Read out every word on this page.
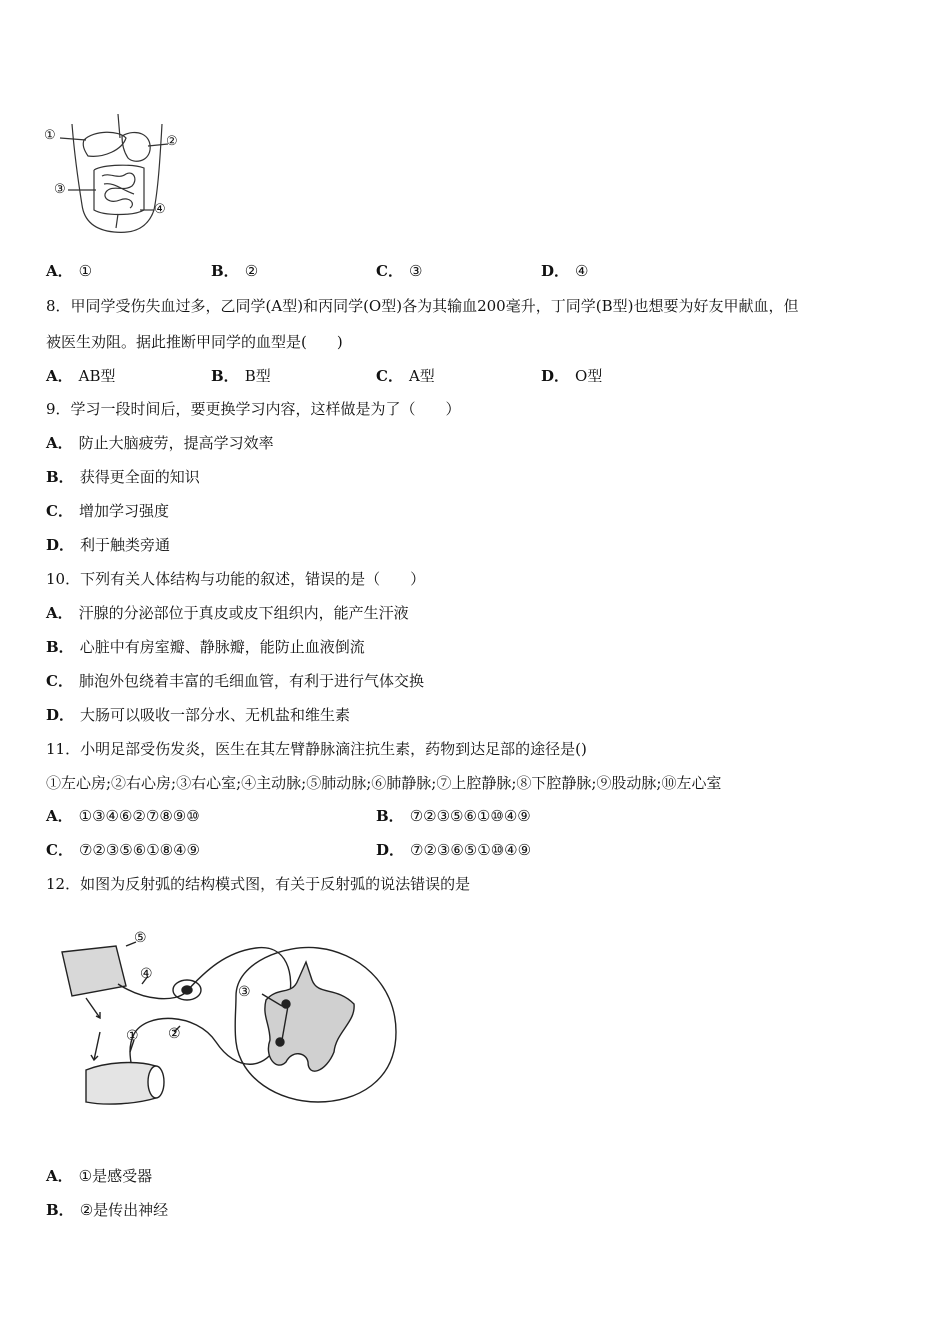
①	②
③
④
A． ①	B． ②	C． ③	D． ④
8．甲同学受伤失血过多，乙同学(A型)和丙同学(O型)各为其输血200毫升，丁同学(B型)也想要为好友甲献血，但
被医生劝阻。据此推断甲同学的血型是(　　)
A． AB型	B． B型	C． A型	D． O型
9．学习一段时间后，要更换学习内容，这样做是为了（　　）
A． 防止大脑疲劳，提高学习效率
B． 获得更全面的知识
C． 增加学习强度
D． 利于触类旁通
10．下列有关人体结构与功能的叙述，错误的是（　　）
A． 汗腺的分泌部位于真皮或皮下组织内，能产生汗液
B． 心脏中有房室瓣、静脉瓣，能防止血液倒流
C． 肺泡外包绕着丰富的毛细血管，有利于进行气体交换
D． 大肠可以吸收一部分水、无机盐和维生素
11．小明足部受伤发炎，医生在其左臂静脉滴注抗生素，药物到达足部的途径是()
①左心房;②右心房;③右心室;④主动脉;⑤肺动脉;⑥肺静脉;⑦上腔静脉;⑧下腔静脉;⑨股动脉;⑩左心室
A． ①③④⑥②⑦⑧⑨⑩	B． ⑦②③⑤⑥①⑩④⑨
C． ⑦②③⑤⑥①⑧④⑨	D． ⑦②③⑥⑤①⑩④⑨
12．如图为反射弧的结构模式图，有关于反射弧的说法错误的是
① ②
③
④
⑤
A． ①是感受器
B． ②是传出神经
